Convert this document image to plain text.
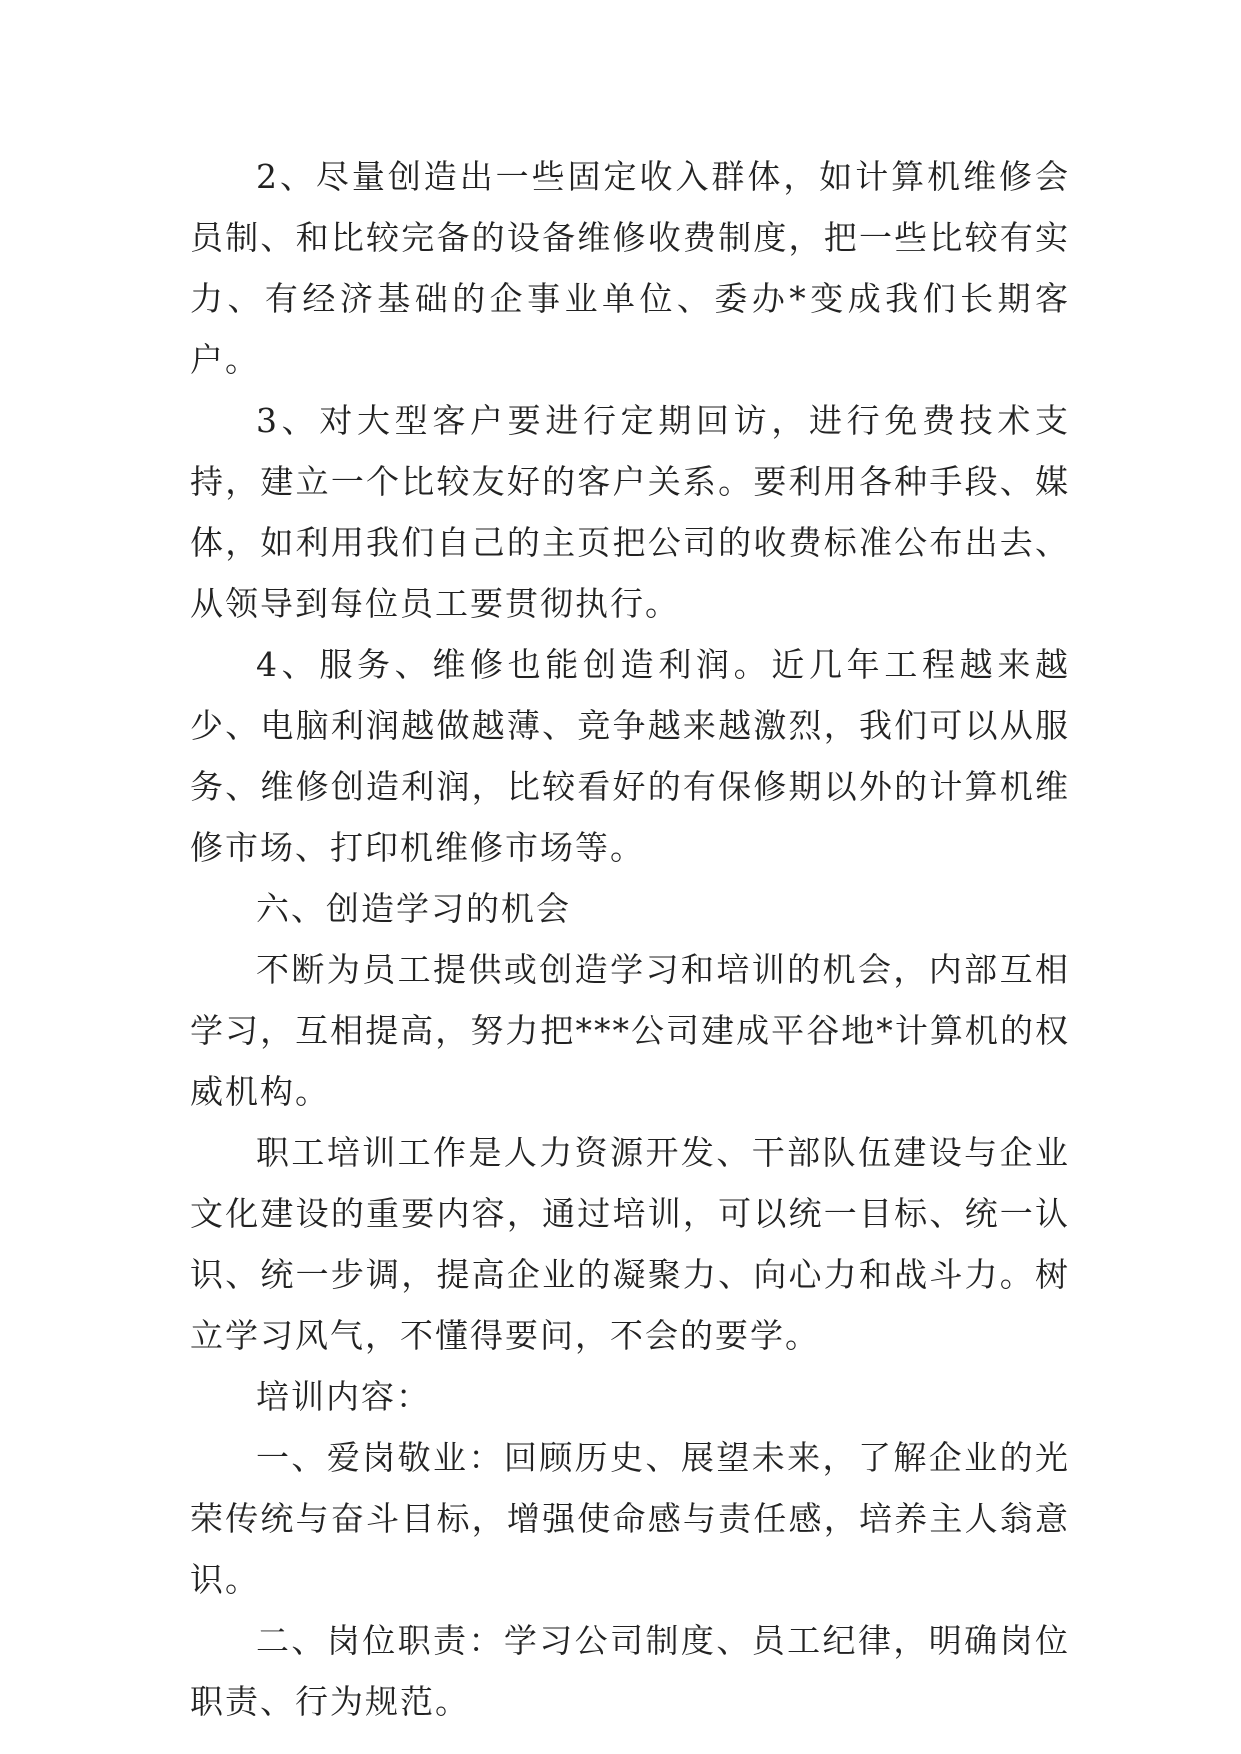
2、尽量创造出一些固定收入群体，如计算机维修会员制、和比较完备的设备维修收费制度，把一些比较有实力、有经济基础的企事业单位、委办*变成我们长期客户。

3、对大型客户要进行定期回访，进行免费技术支持，建立一个比较友好的客户关系。要利用各种手段、媒体，如利用我们自己的主页把公司的收费标准公布出去、从领导到每位员工要贯彻执行。

4、服务、维修也能创造利润。近几年工程越来越少、电脑利润越做越薄、竞争越来越激烈，我们可以从服务、维修创造利润，比较看好的有保修期以外的计算机维修市场、打印机维修市场等。

六、创造学习的机会

不断为员工提供或创造学习和培训的机会，内部互相学习，互相提高，努力把***公司建成平谷地*计算机的权威机构。

职工培训工作是人力资源开发、干部队伍建设与企业文化建设的重要内容，通过培训，可以统一目标、统一认识、统一步调，提高企业的凝聚力、向心力和战斗力。树立学习风气，不懂得要问，不会的要学。

培训内容：

一、爱岗敬业：回顾历史、展望未来，了解企业的光荣传统与奋斗目标，增强使命感与责任感，培养主人翁意识。

二、岗位职责：学习公司制度、员工纪律，明确岗位职责、行为规范。
